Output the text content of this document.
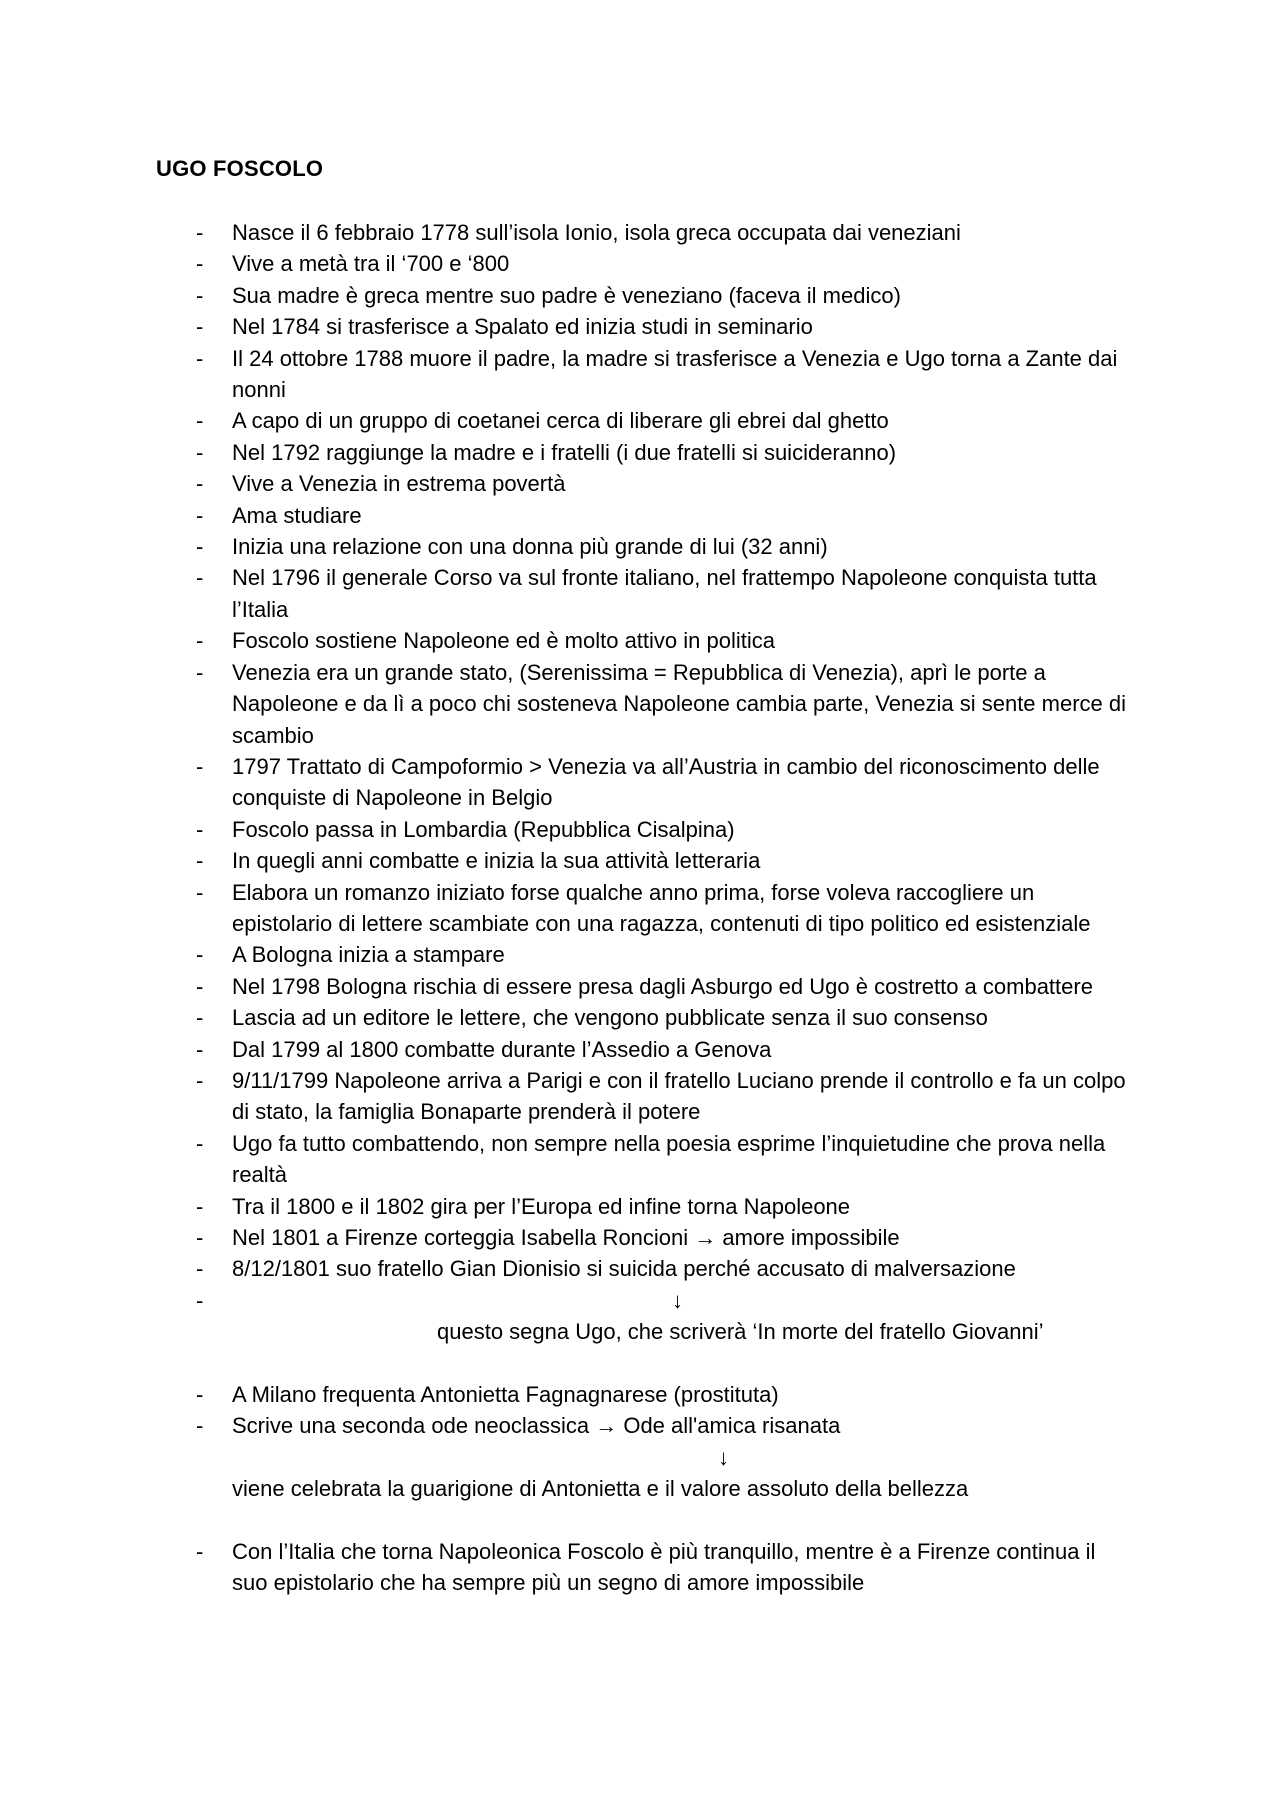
UGO FOSCOLO
- Nasce il 6 febbraio 1778 sull’isola Ionio, isola greca occupata dai veneziani
- Vive a metà tra il ‘700 e ‘800
- Sua madre è greca mentre suo padre è veneziano (faceva il medico)
- Nel 1784 si trasferisce a Spalato ed inizia studi in seminario
- Il 24 ottobre 1788 muore il padre, la madre si trasferisce a Venezia e Ugo torna a Zante dai nonni
- A capo di un gruppo di coetanei cerca di liberare gli ebrei dal ghetto
- Nel 1792 raggiunge la madre e i fratelli (i due fratelli si suicideranno)
- Vive a Venezia in estrema povertà
- Ama studiare
- Inizia una relazione con una donna più grande di lui (32 anni)
- Nel 1796 il generale Corso va sul fronte italiano, nel frattempo Napoleone conquista tutta l’Italia
- Foscolo sostiene Napoleone ed è molto attivo in politica
- Venezia era un grande stato, (Serenissima = Repubblica di Venezia), aprì le porte a Napoleone e da lì a poco chi sosteneva Napoleone cambia parte, Venezia si sente merce di scambio
- 1797 Trattato di Campoformio > Venezia va all’Austria in cambio del riconoscimento delle conquiste di Napoleone in Belgio
- Foscolo passa in Lombardia (Repubblica Cisalpina)
- In quegli anni combatte e inizia la sua attività letteraria
- Elabora un romanzo iniziato forse qualche anno prima, forse voleva raccogliere un epistolario di lettere scambiate con una ragazza, contenuti di tipo politico ed esistenziale
- A Bologna inizia a stampare
- Nel 1798 Bologna rischia di essere presa dagli Asburgo ed Ugo è costretto a combattere
- Lascia ad un editore le lettere, che vengono pubblicate senza il suo consenso
- Dal 1799 al 1800 combatte durante l’Assedio a Genova
- 9/11/1799 Napoleone arriva a Parigi e con il fratello Luciano prende il controllo e fa un colpo di stato, la famiglia Bonaparte prenderà il potere
- Ugo fa tutto combattendo, non sempre nella poesia esprime l’inquietudine che prova nella realtà
- Tra il 1800 e il 1802 gira per l’Europa ed infine torna Napoleone
- Nel 1801 a Firenze corteggia Isabella Roncioni → amore impossibile
- 8/12/1801 suo fratello Gian Dionisio si suicida perché accusato di malversazione
-	↓
questo segna Ugo, che scriverà ‘In morte del fratello Giovanni’
- A Milano frequenta Antonietta Fagnagnarese (prostituta)
- Scrive una seconda ode neoclassica → Ode all'amica risanata
↓
viene celebrata la guarigione di Antonietta e il valore assoluto della bellezza
- Con l’Italia che torna Napoleonica Foscolo è più tranquillo, mentre è a Firenze continua il suo epistolario che ha sempre più un segno di amore impossibile
